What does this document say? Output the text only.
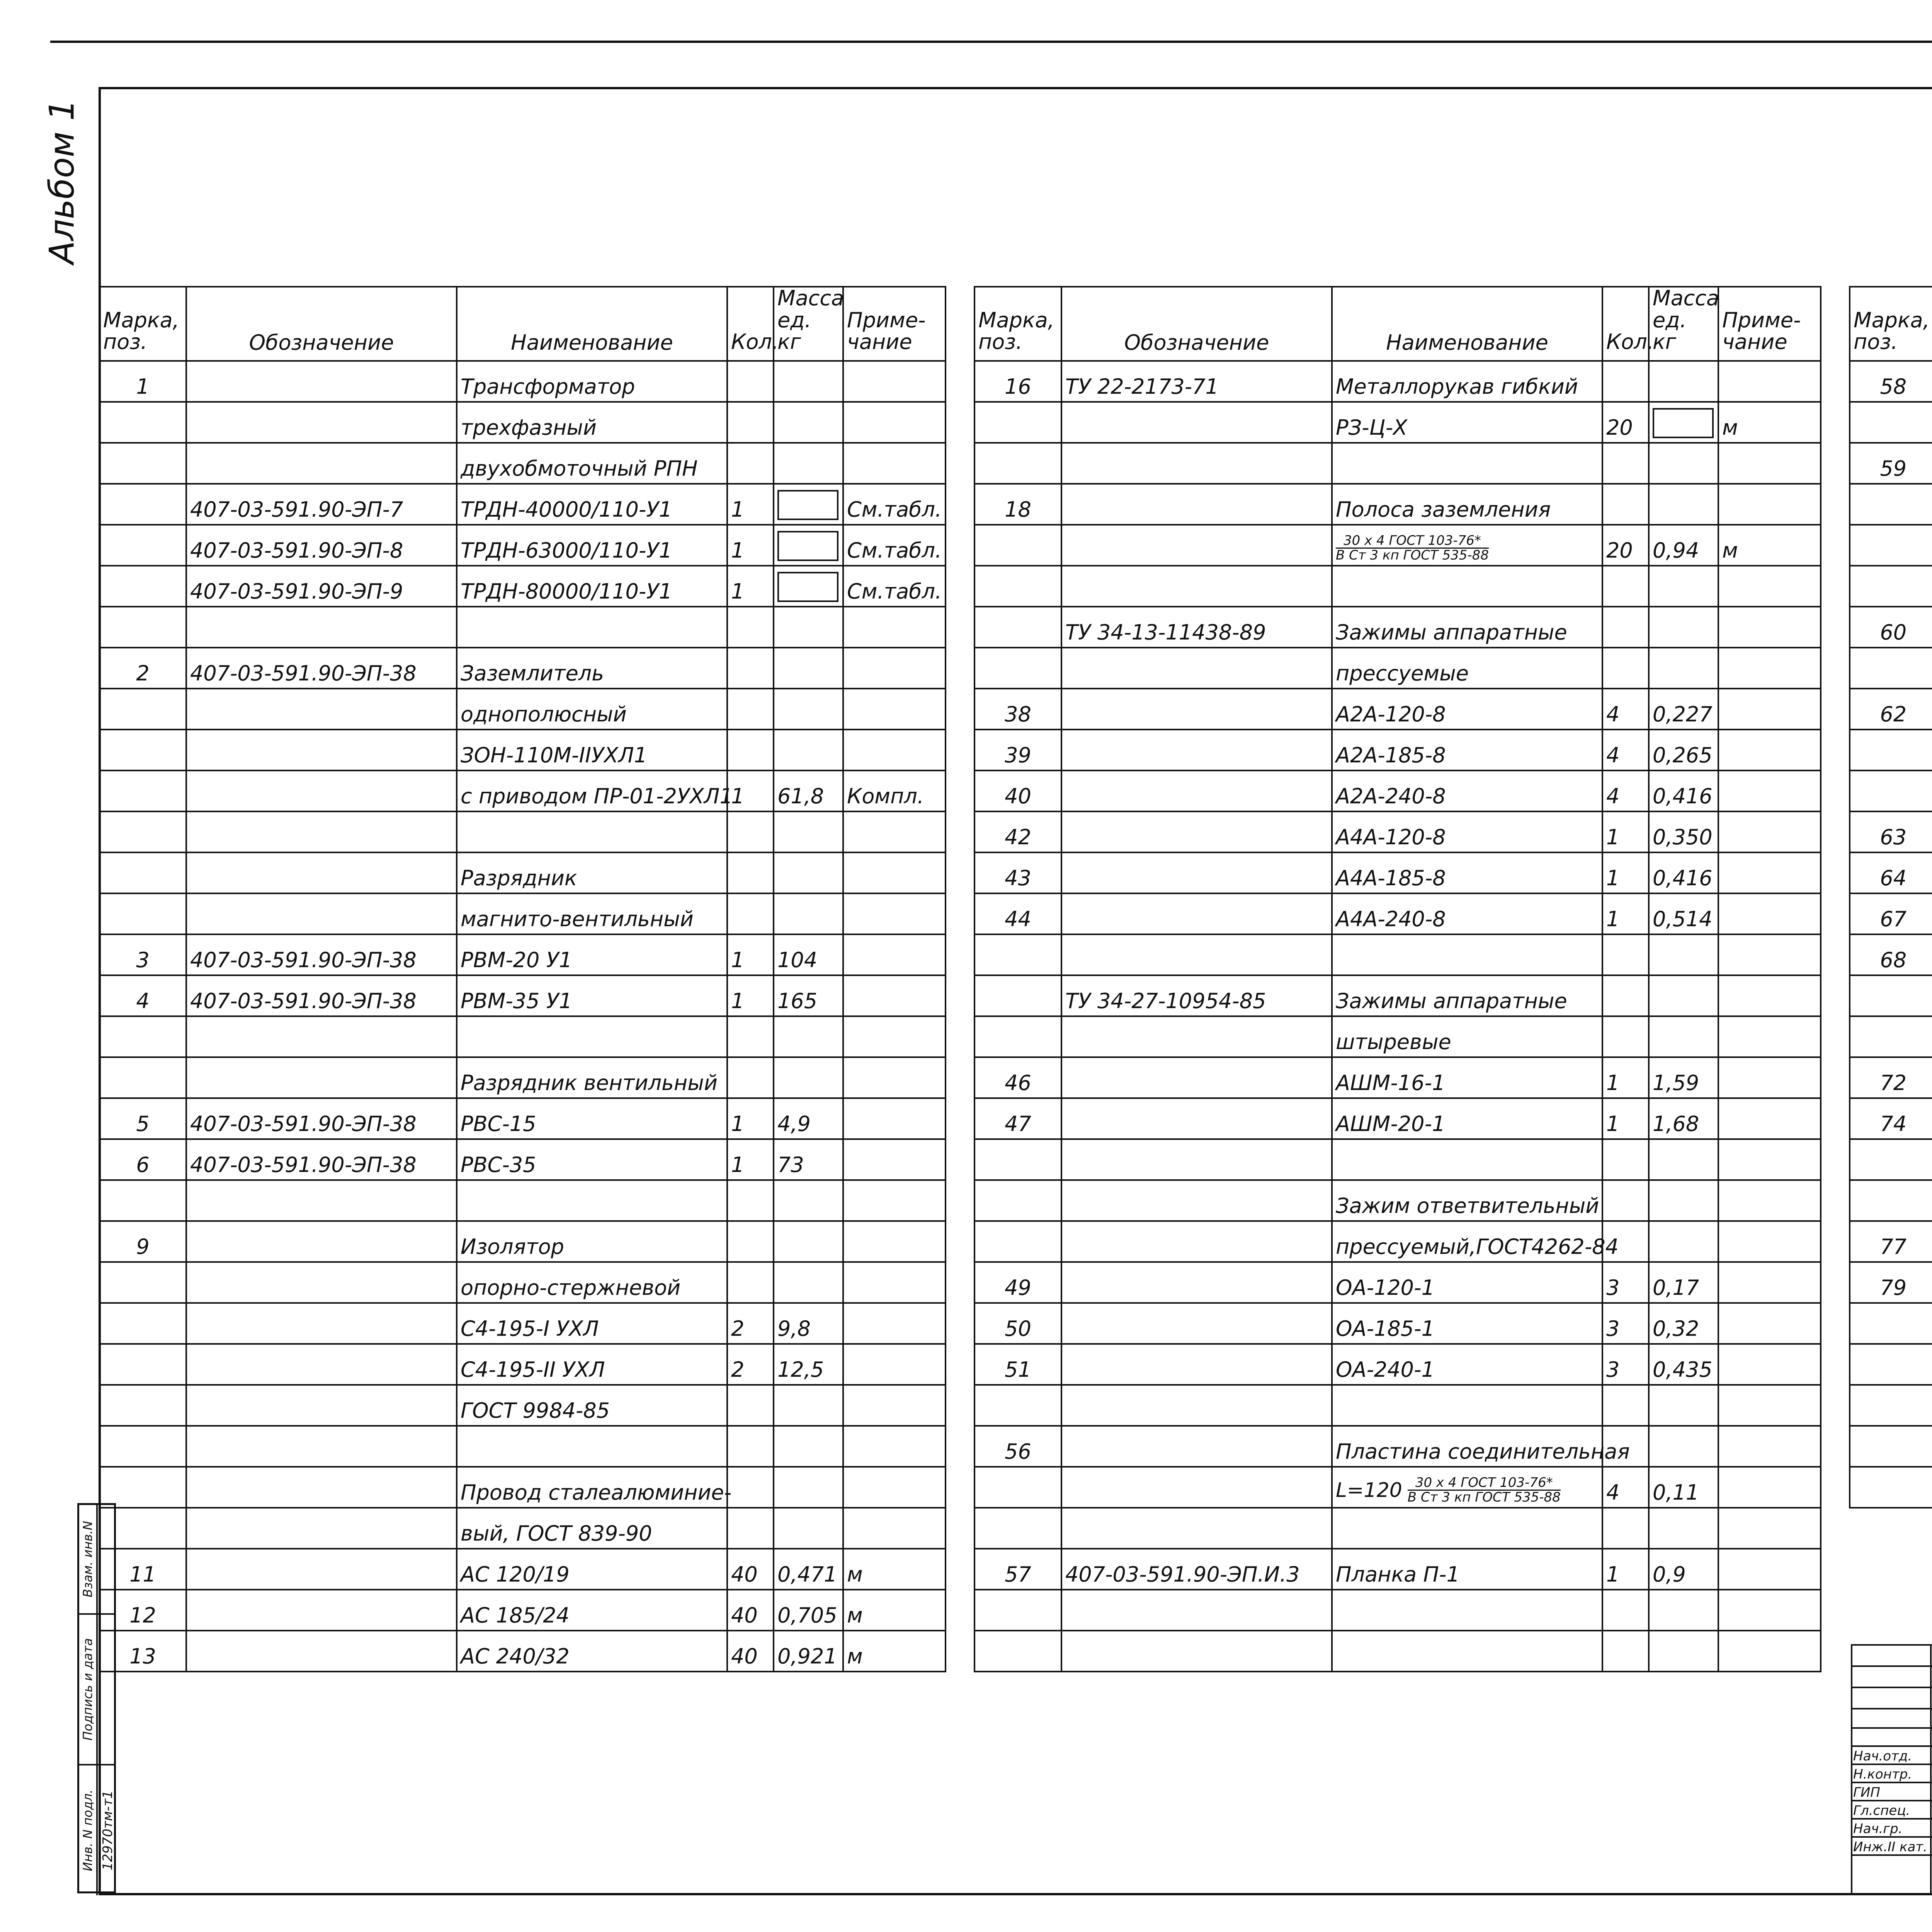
Альбом 1
Марка, поз.	Обозначение	Наименование	Кол.	Масса ед. кг	Приме- чание
1		Трансформатор			
		трехфазный			
		двухобмоточный РПН			
	407-03-591.90-ЭП-7	ТРДН-40000/110-У1	1		См.табл.
	407-03-591.90-ЭП-8	ТРДН-63000/110-У1	1		См.табл.
	407-03-591.90-ЭП-9	ТРДН-80000/110-У1	1		См.табл.

2	407-03-591.90-ЭП-38	Заземлитель			
		однополюсный			
		ЗОН-110М-IIУХЛ1			
		с приводом ПР-01-2УХЛ1	1	61,8	Компл.

		Разрядник			
		магнито-вентильный			
3	407-03-591.90-ЭП-38	РВМ-20 У1	1	104	
4	407-03-591.90-ЭП-38	РВМ-35 У1	1	165	

		Разрядник вентильный			
5	407-03-591.90-ЭП-38	РВС-15	1	4,9	
6	407-03-591.90-ЭП-38	РВС-35	1	73	

9		Изолятор			
		опорно-стержневой			
		С4-195-I УХЛ	2	9,8	
		С4-195-II УХЛ	2	12,5	
		ГОСТ 9984-85			

		Провод сталеалюминие-			
		вый, ГОСТ 839-90			
11		АС 120/19	40	0,471	м
12		АС 185/24	40	0,705	м
13		АС 240/32	40	0,921	м
Марка, поз.	Обозначение	Наименование	Кол.	Масса ед. кг	Приме- чание
16	ТУ 22-2173-71	Металлорукав гибкий			
		РЗ-Ц-Х	20		м

18		Полоса заземления			

		30 х 4 ГОСТ 103-76*
В Ст 3 кп ГОСТ 535-88	20	0,94	м

	ТУ 34-13-11438-89	Зажимы аппаратные			
		прессуемые			
38		А2А-120-8	4	0,227	
39		А2А-185-8	4	0,265	
40		А2А-240-8	4	0,416	
42		А4А-120-8	1	0,350	
43		А4А-185-8	1	0,416	
44		А4А-240-8	1	0,514	

	ТУ 34-27-10954-85	Зажимы аппаратные			
		штыревые			
46		АШМ-16-1	1	1,59	
47		АШМ-20-1	1	1,68	

		Зажим ответвительный			
		прессуемый,ГОСТ4262-84			
49		ОА-120-1	3	0,17	
50		ОА-185-1	3	0,32	
51		ОА-240-1	3	0,435	

56		Пластина соединительная			

		L=120 30 х 4 ГОСТ 103-76*
В Ст 3 кп ГОСТ 535-88	4	0,11	

57	407-03-591.90-ЭП.И.3	Планка П-1	1	0,9	

Марка, поз.					
58					

59					

60					

62					

63					
64					
67					
68					

72					
74					

77					
79					

Взам. инв.N
Подпись и дата
Инв. N подл. 12970тм-т1
Нач.отд.
Н.контр.
ГИП
Гл.спец.
Нач.гр.
Инж.II кат.
